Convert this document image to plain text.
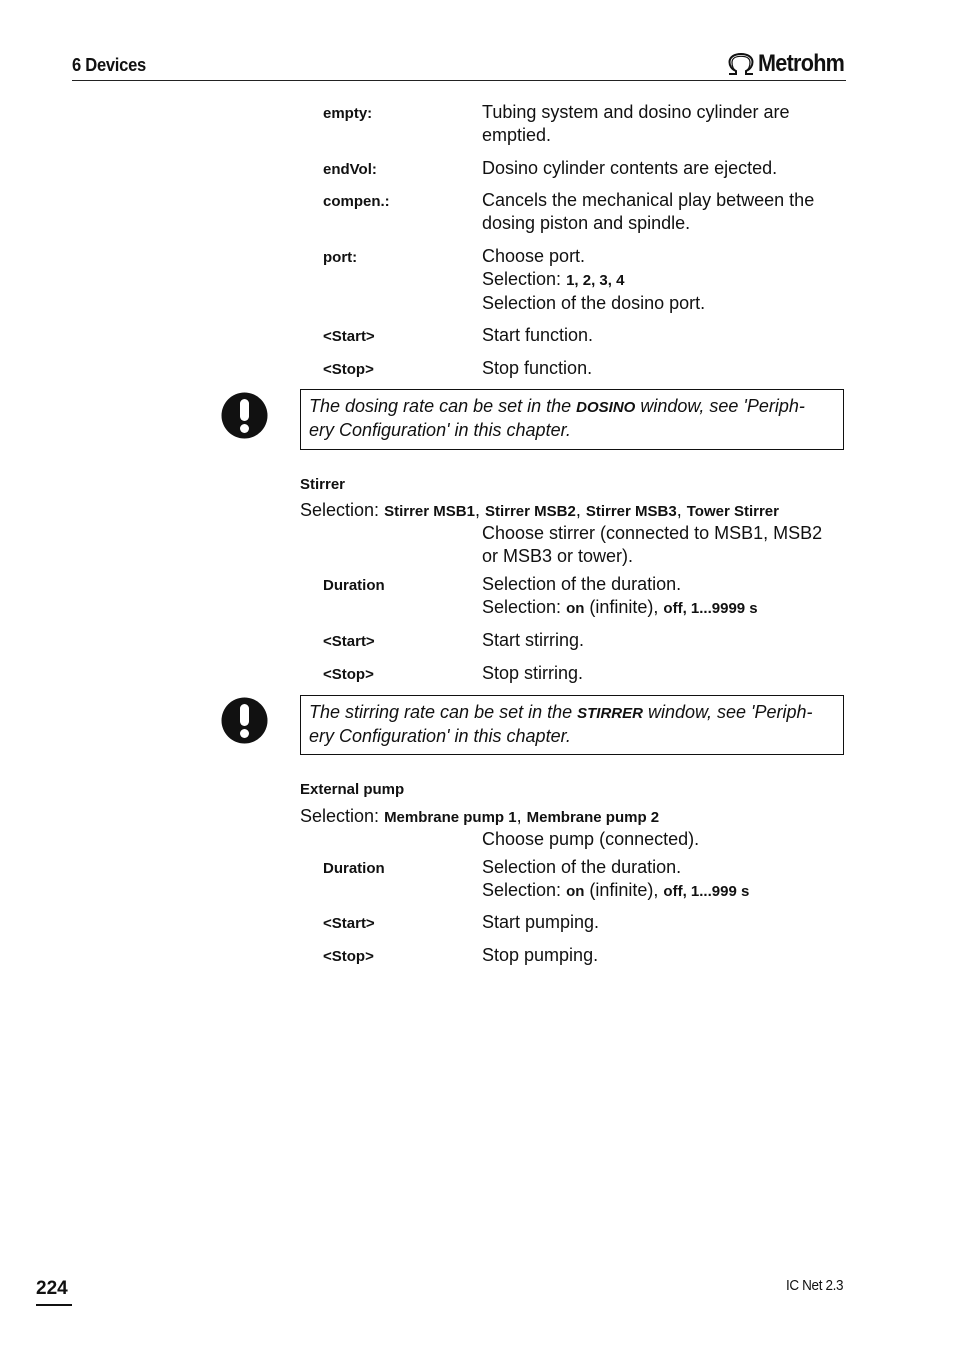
6 Devices	Metrohm
empty:	Tubing system and dosino cylinder are emptied.
endVol:	Dosino cylinder contents are ejected.
compen.:	Cancels the mechanical play between the dosing piston and spindle.
port:	Choose port.
Selection: 1, 2, 3, 4
Selection of the dosino port.
<Start>	Start function.
<Stop>	Stop function.
The dosing rate can be set in the DOSINO window, see 'Periph-
ery Configuration' in this chapter.
Stirrer
Selection: Stirrer MSB1, Stirrer MSB2, Stirrer MSB3, Tower Stirrer
Choose stirrer (connected to MSB1, MSB2 or MSB3 or tower).
Duration	Selection of the duration.
Selection: on (infinite), off, 1...9999 s
<Start>	Start stirring.
<Stop>	Stop stirring.
The stirring rate can be set in the STIRRER window, see 'Periph-
ery Configuration' in this chapter.
External pump
Selection: Membrane pump 1, Membrane pump 2
Choose pump (connected).
Duration	Selection of the duration.
Selection: on (infinite), off, 1...999 s
<Start>	Start pumping.
<Stop>	Stop pumping.
224	IC Net 2.3
